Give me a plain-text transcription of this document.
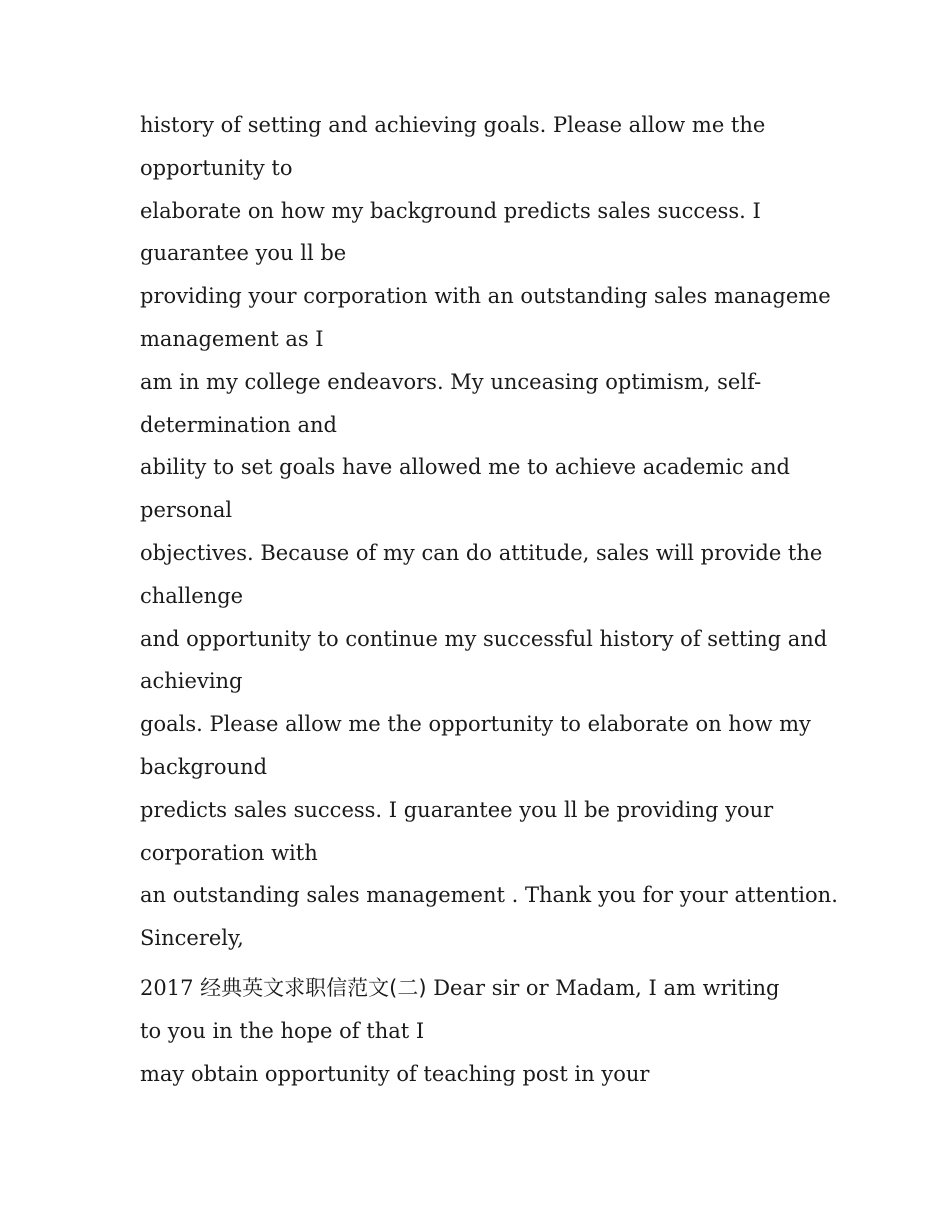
history of setting and achieving goals. Please allow me the
opportunity to
elaborate on how my background predicts sales success. I
guarantee you ll be
providing your corporation with an outstanding sales manageme
management as I
am in my college endeavors. My unceasing optimism, self-
determination and
ability to set goals have allowed me to achieve academic and
personal
objectives. Because of my can do attitude, sales will provide the
challenge
and opportunity to continue my successful history of setting and
achieving
goals. Please allow me the opportunity to elaborate on how my
background
predicts sales success. I guarantee you ll be providing your
corporation with
an outstanding sales management . Thank you for your attention.
Sincerely,
2017 经典英文求职信范文(二) Dear sir or Madam, I am writing
to you in the hope of that I
may obtain opportunity of teaching post in your
